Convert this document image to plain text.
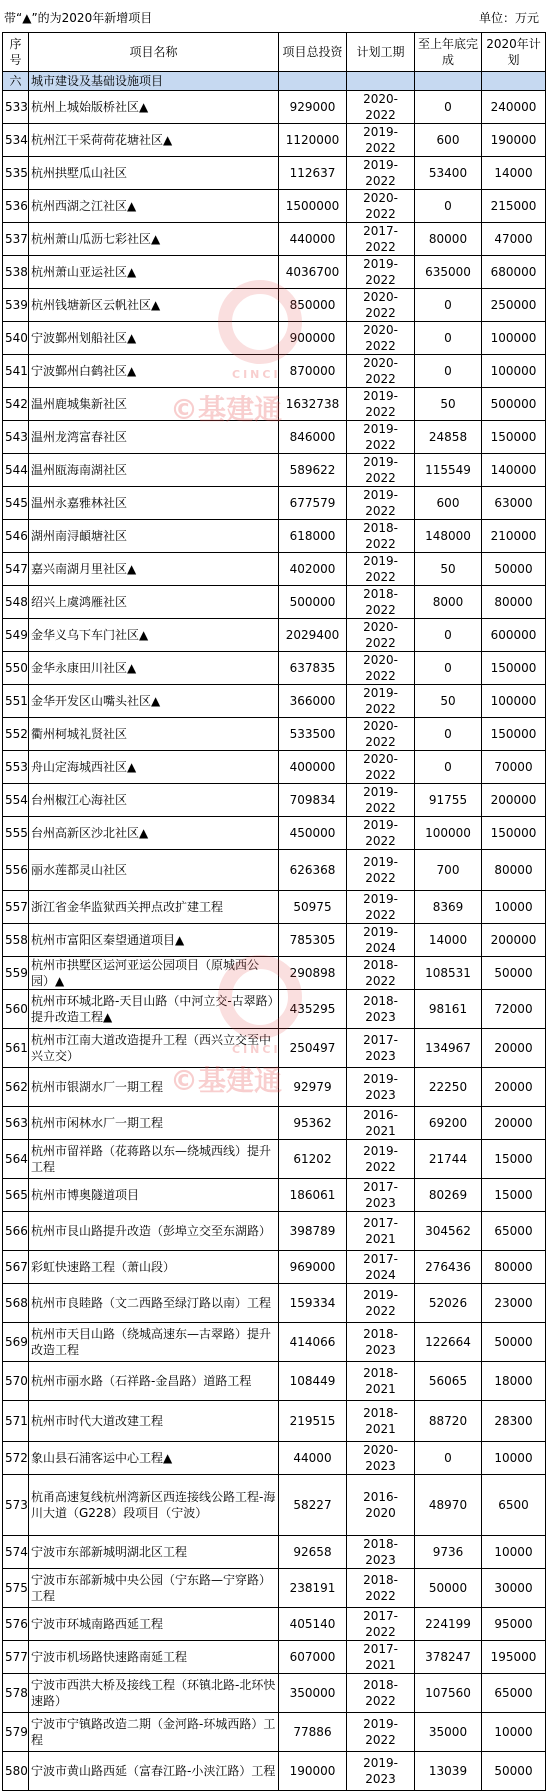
带“▲”的为2020年新增项目	单位：万元
序号	项目名称	项目总投资	计划工期	至上年底完成	2020年计划
六	城市建设及基础设施项目				
533	杭州上城始版桥社区▲	929000	2020-2022	0	240000
534	杭州江干采荷荷花塘社区▲	1120000	2019-2022	600	190000
535	杭州拱墅瓜山社区	112637	2019-2022	53400	14000
536	杭州西湖之江社区▲	1500000	2020-2022	0	215000
537	杭州萧山瓜沥七彩社区▲	440000	2017-2022	80000	47000
538	杭州萧山亚运社区▲	4036700	2019-2022	635000	680000
539	杭州钱塘新区云帆社区▲	850000	2020-2022	0	250000
540	宁波鄞州划船社区▲	900000	2020-2022	0	100000
541	宁波鄞州白鹤社区▲	870000	2020-2022	0	100000
542	温州鹿城集新社区	1632738	2019-2022	50	500000
543	温州龙湾富春社区	846000	2019-2022	24858	150000
544	温州瓯海南湖社区	589622	2019-2022	115549	140000
545	温州永嘉雅林社区	677579	2019-2022	600	63000
546	湖州南浔頔塘社区	618000	2018-2022	148000	210000
547	嘉兴南湖月里社区▲	402000	2019-2022	50	50000
548	绍兴上虞鸿雁社区	500000	2018-2022	8000	80000
549	金华义乌下车门社区▲	2029400	2020-2022	0	600000
550	金华永康田川社区▲	637835	2020-2022	0	150000
551	金华开发区山嘴头社区▲	366000	2019-2022	50	100000
552	衢州柯城礼贤社区	533500	2020-2022	0	150000
553	舟山定海城西社区▲	400000	2020-2022	0	70000
554	台州椒江心海社区	709834	2019-2022	91755	200000
555	台州高新区沙北社区▲	450000	2019-2022	100000	150000
556	丽水莲都灵山社区	626368	2019-2022	700	80000
557	浙江省金华监狱西关押点改扩建工程	50975	2019-2022	8369	10000
558	杭州市富阳区秦望通道项目▲	785305	2019-2024	14000	200000
559	杭州市拱墅区运河亚运公园项目（原城西公园）▲	290898	2018-2022	108531	50000
560	杭州市环城北路-天目山路（中河立交-古翠路）提升改造工程▲	435295	2018-2023	98161	72000
561	杭州市江南大道改造提升工程（西兴立交至中兴立交）	250497	2017-2023	134967	20000
562	杭州市银湖水厂一期工程	92979	2019-2023	22250	20000
563	杭州市闲林水厂一期工程	95362	2016-2021	69200	20000
564	杭州市留祥路（花蒋路以东—绕城西线）提升工程	61202	2019-2022	21744	15000
565	杭州市博奥隧道项目	186061	2017-2023	80269	15000
566	杭州市艮山路提升改造（彭埠立交至东湖路）	398789	2017-2021	304562	65000
567	彩虹快速路工程（萧山段）	969000	2017-2024	276436	80000
568	杭州市良睦路（文二西路至绿汀路以南）工程	159334	2019-2022	52026	23000
569	杭州市天目山路（绕城高速东—古翠路）提升改造工程	414066	2018-2023	122664	50000
570	杭州市丽水路（石祥路-金昌路）道路工程	108449	2018-2021	56065	18000
571	杭州市时代大道改建工程	219515	2018-2021	88720	28300
572	象山县石浦客运中心工程▲	44000	2020-2023	0	10000
573	杭甬高速复线杭州湾新区西连接线公路工程-海川大道（G228）段项目（宁波）	58227	2016-2020	48970	6500
574	宁波市东部新城明湖北区工程	92658	2018-2023	9736	10000
575	宁波市东部新城中央公园（宁东路—宁穿路）工程	238191	2018-2022	50000	30000
576	宁波市环城南路西延工程	405140	2017-2022	224199	95000
577	宁波市机场路快速路南延工程	607000	2017-2021	378247	195000
578	宁波市西洪大桥及接线工程（环镇北路-北环快速路）	350000	2018-2022	107560	65000
579	宁波市宁镇路改造二期（金河路-环城西路）工程	77886	2019-2022	35000	10000
580	宁波市黄山路西延（富春江路-小浃江路）工程	190000	2019-2023	13039	50000
CINCI
©基建通
CINCI
©基建通
